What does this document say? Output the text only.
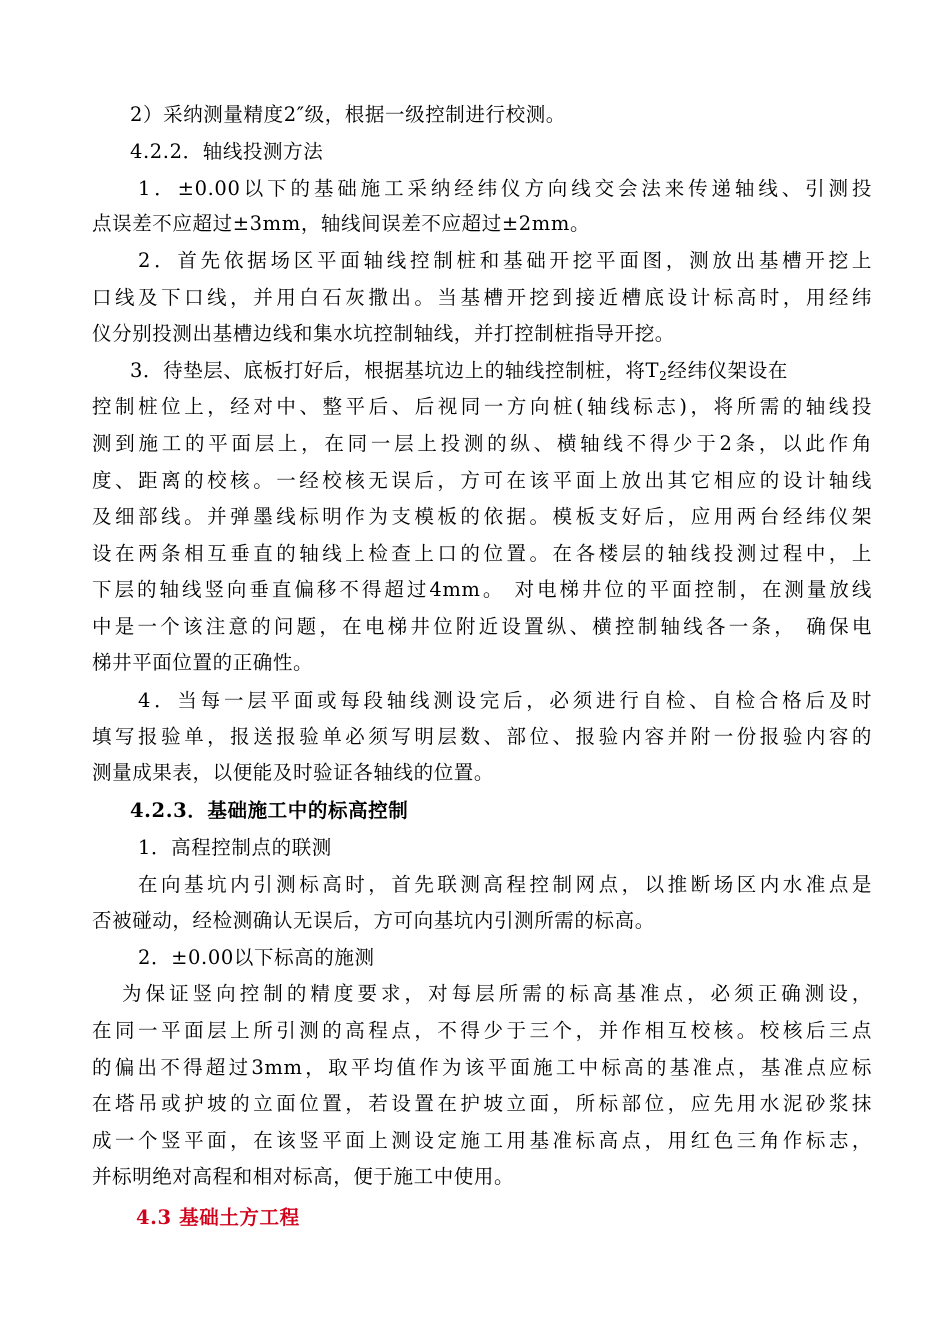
2）采纳测量精度2″级，根据一级控制进行校测。
4.2.2．轴线投测方法
1．±0.00以下的基础施工采纳经纬仪方向线交会法来传递轴线、引测投
点误差不应超过±3mm，轴线间误差不应超过±2mm。
2．首先依据场区平面轴线控制桩和基础开挖平面图，测放出基槽开挖上
口线及下口线，并用白石灰撒出。当基槽开挖到接近槽底设计标高时，用经纬
仪分别投测出基槽边线和集水坑控制轴线，并打控制桩指导开挖。
3．待垫层、底板打好后，根据基坑边上的轴线控制桩，将$T_2$经纬仪架设在
控制桩位上，经对中、整平后、后视同一方向桩(轴线标志)，将所需的轴线投
测到施工的平面层上，在同一层上投测的纵、横轴线不得少于2条，以此作角
度、距离的校核。一经校核无误后，方可在该平面上放出其它相应的设计轴线
及细部线。并弹墨线标明作为支模板的依据。模板支好后，应用两台经纬仪架
设在两条相互垂直的轴线上检查上口的位置。在各楼层的轴线投测过程中，上
下层的轴线竖向垂直偏移不得超过4mm。 对电梯井位的平面控制，在测量放线
中是一个该注意的问题，在电梯井位附近设置纵、横控制轴线各一条， 确保电
梯井平面位置的正确性。
4．当每一层平面或每段轴线测设完后，必须进行自检、自检合格后及时
填写报验单，报送报验单必须写明层数、部位、报验内容并附一份报验内容的
测量成果表，以便能及时验证各轴线的位置。
4.2.3．基础施工中的标高控制
1．高程控制点的联测
在向基坑内引测标高时，首先联测高程控制网点，以推断场区内水准点是
否被碰动，经检测确认无误后，方可向基坑内引测所需的标高。
2．±0.00以下标高的施测
为保证竖向控制的精度要求，对每层所需的标高基准点，必须正确测设，
在同一平面层上所引测的高程点，不得少于三个，并作相互校核。校核后三点
的偏出不得超过3mm，取平均值作为该平面施工中标高的基准点，基准点应标
在塔吊或护坡的立面位置，若设置在护坡立面，所标部位，应先用水泥砂浆抹
成一个竖平面，在该竖平面上测设定施工用基准标高点，用红色三角作标志，
并标明绝对高程和相对标高，便于施工中使用。
4.3 基础土方工程
